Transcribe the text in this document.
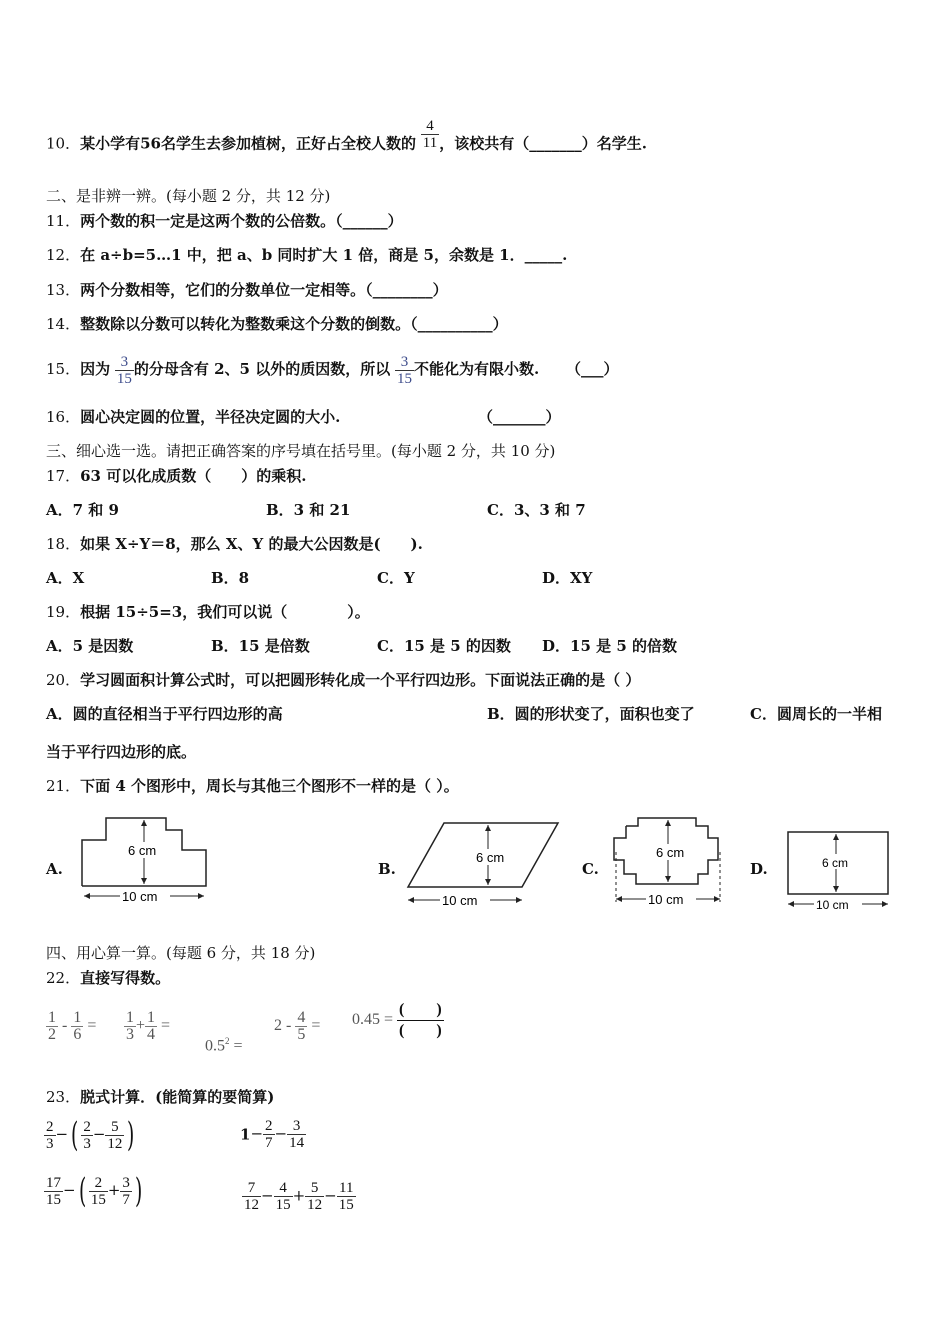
10．某小学有56名学生去参加植树，正好占全校人数的 $\frac{4}{11}$ ，该校共有（_______）名学生.
二、是非辨一辨。(每小题 2 分，共 12 分)
11．两个数的积一定是这两个数的公倍数。（______）
12．在 a÷b=5…1 中，把 a、b 同时扩大 1 倍，商是 5，余数是 1．_____.
13．两个分数相等，它们的分数单位一定相等。（________）
14．整数除以分数可以转化为整数乘这个分数的倒数。（__________）
15．因为 $\frac{3}{15}$ 的分母含有 2、5 以外的质因数，所以 $\frac{3}{15}$ 不能化为有限小数. （___）
16．圆心决定圆的位置，半径决定圆的大小.	（_______）
三、细心选一选。请把正确答案的序号填在括号里。(每小题 2 分，共 10 分)
17．63 可以化成质数（　　）的乘积.
A．7 和 9	B．3 和 21	C．3、3 和 7
18．如果 X÷Y＝8，那么 X、Y 的最大公因数是(　　).
A．X	B．8	C．Y	D．XY
19．根据 15÷5=3，我们可以说（　　　　）。
A．5 是因数	B．15 是倍数	C．15 是 5 的因数 D．15 是 5 的倍数
20．学习圆面积计算公式时，可以把圆形转化成一个平行四边形。下面说法正确的是（ ）
A．圆的直径相当于平行四边形的高	B．圆的形状变了，面积也变了	C．圆周长的一半相
当于平行四边形的底。
21．下面 4 个图形中，周长与其他三个图形不一样的是（ ）。
A.	B.	C.	D.
6 cm
10 cm
6 cm
10 cm
6 cm
10 cm
6 cm
10 cm
四、用心算一算。(每题 6 分，共 18 分)
22．直接写得数。
$\frac{1}{2} - \frac{1}{6} = \frac{1}{3} + \frac{1}{4}$ =
$0.5^2$ =
$2 - \frac{4}{5} = 0.45 = \frac{( )}{( )}$
23．脱式计算．(能简算的要简算)
$\frac{2}{3}$ −( $\frac{2}{3} - \frac{5}{12}$ )	$1- \frac{2}{7} - \frac{3}{14}$
$\frac{17}{15}$ −( $\frac{2}{15} + \frac{3}{7}$ )	$\frac{7}{12} - \frac{4}{15} + \frac{5}{12} - \frac{11}{15}$
